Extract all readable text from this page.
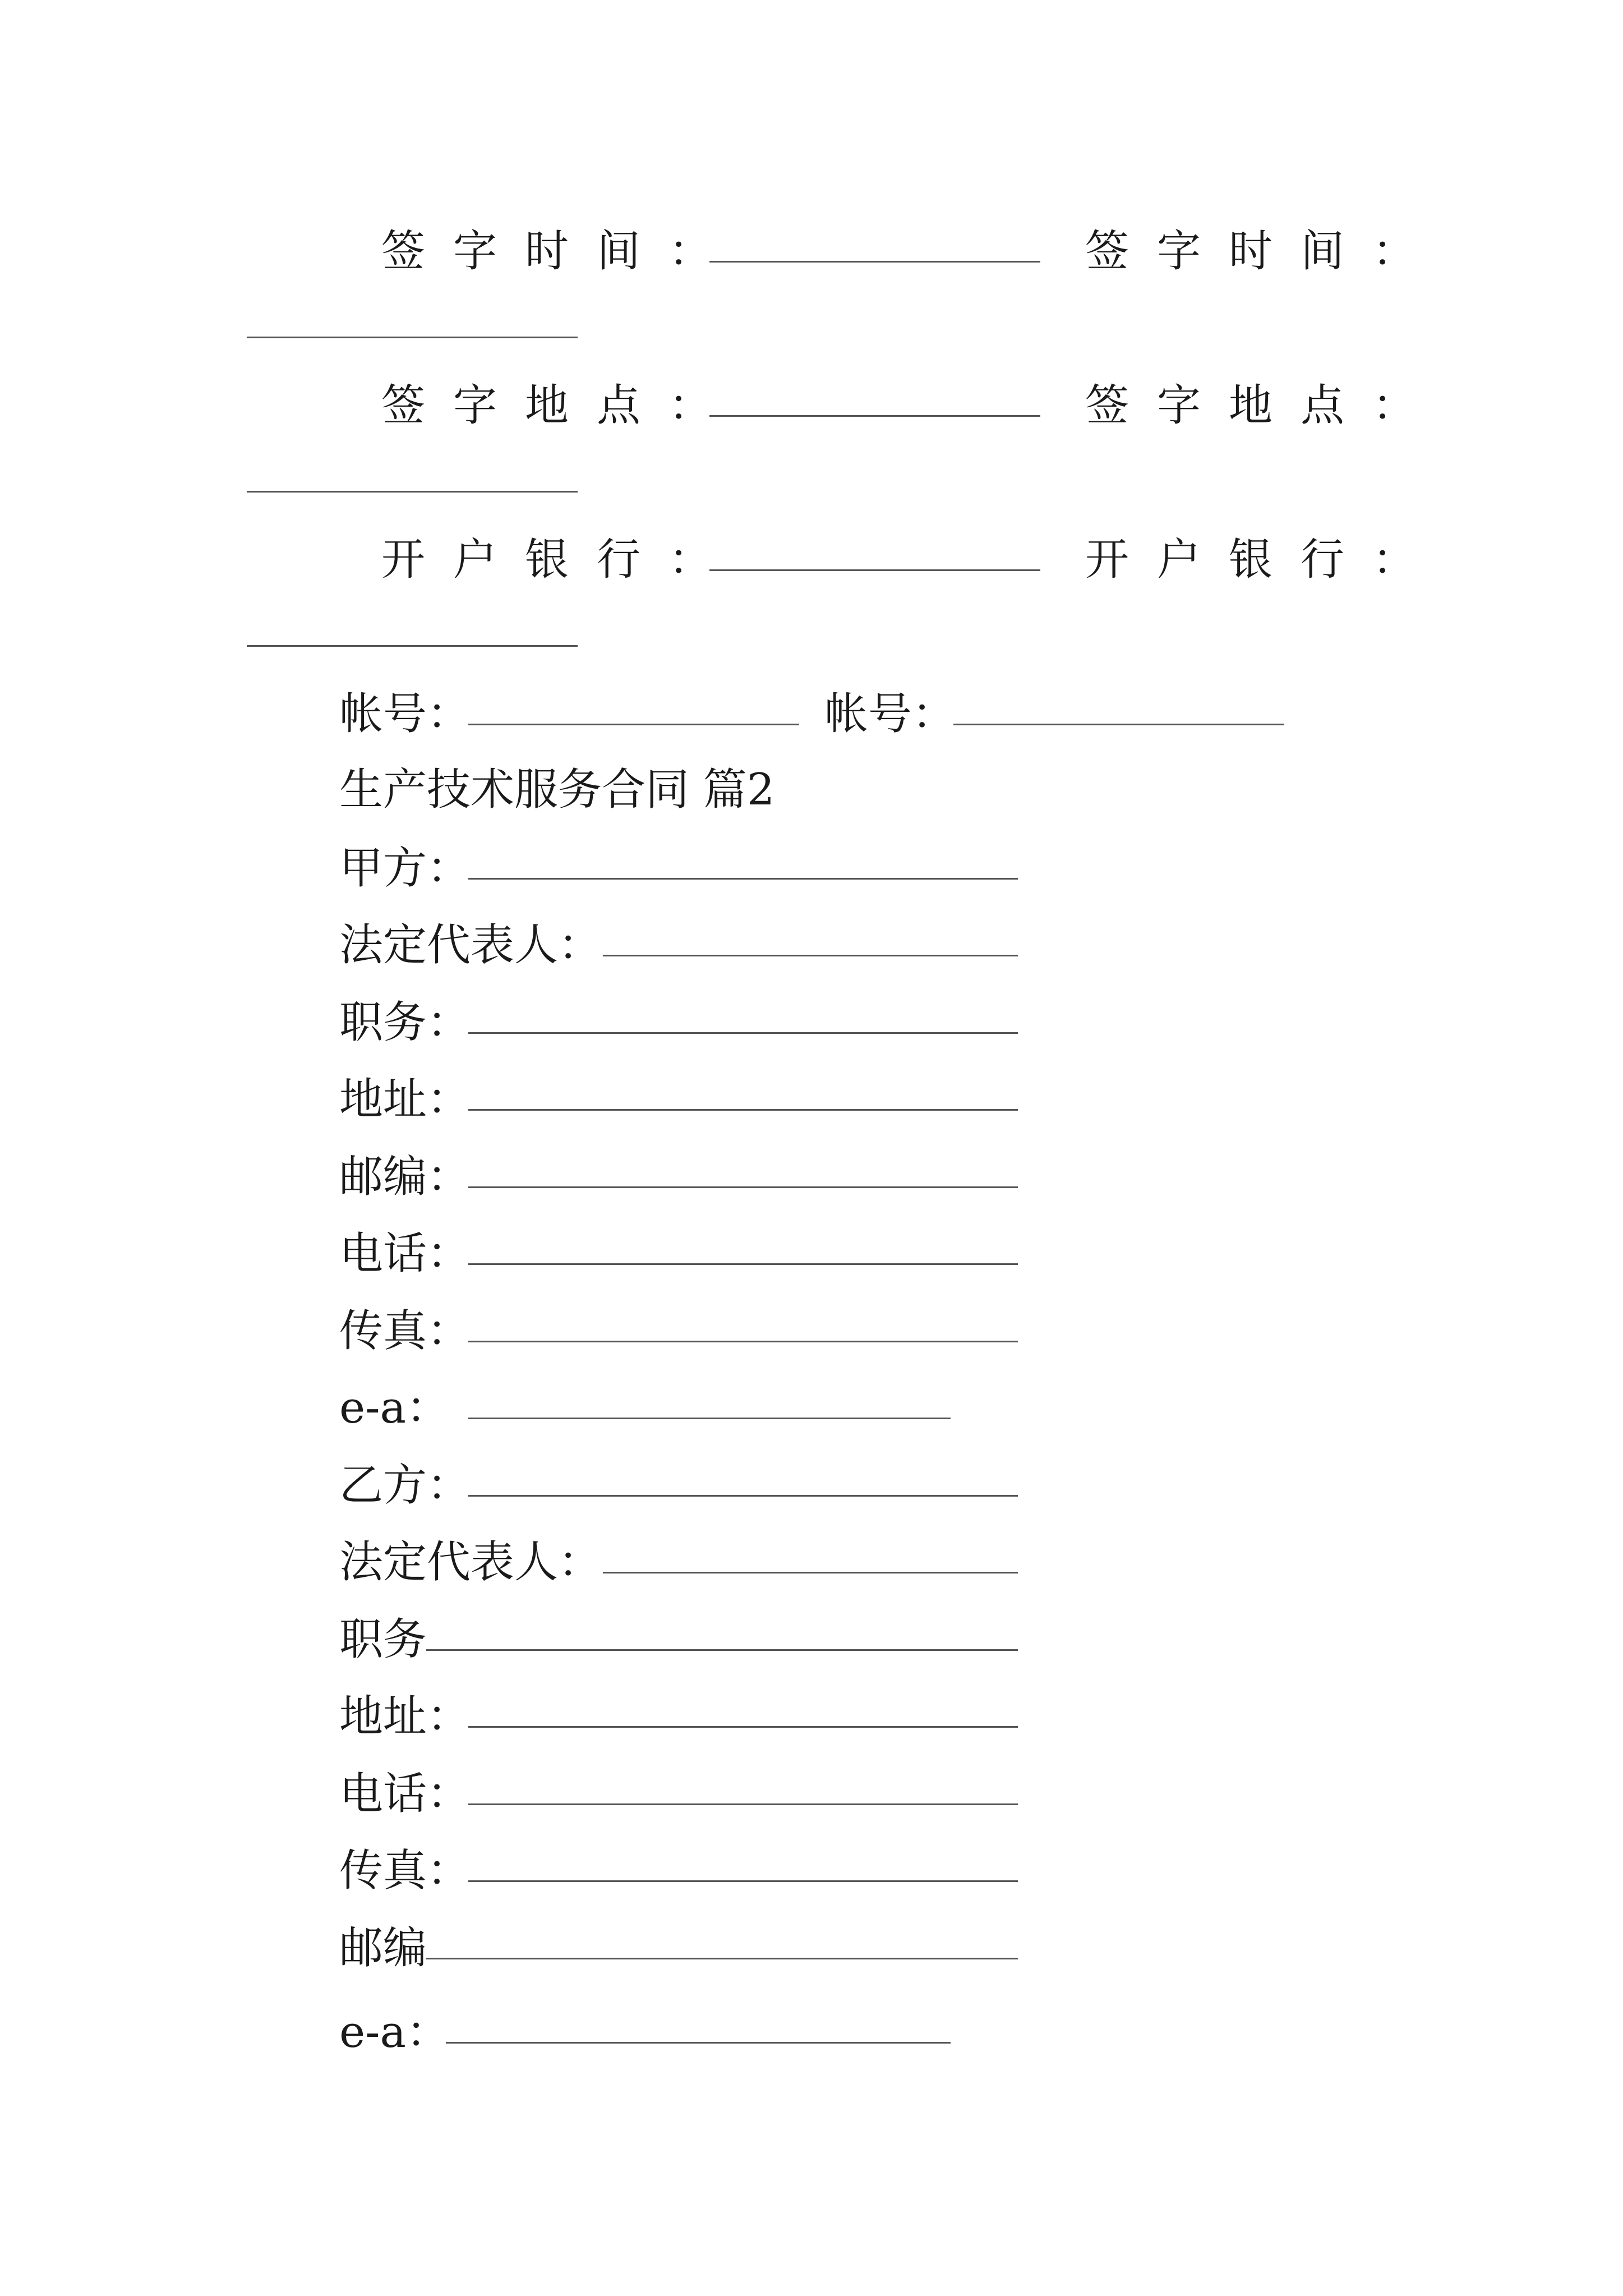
签字时间：	签字时间：
签字地点：	签字地点：
开户银行：	开户银行：
帐号：	帐号：
生产技术服务合同 篇2
甲方：
法定代表人：
职务：
地址：
邮编：
电话：
传真：
e-a：
乙方：
法定代表人：
职务
地址：
电话：
传真：
邮编
e-a：
